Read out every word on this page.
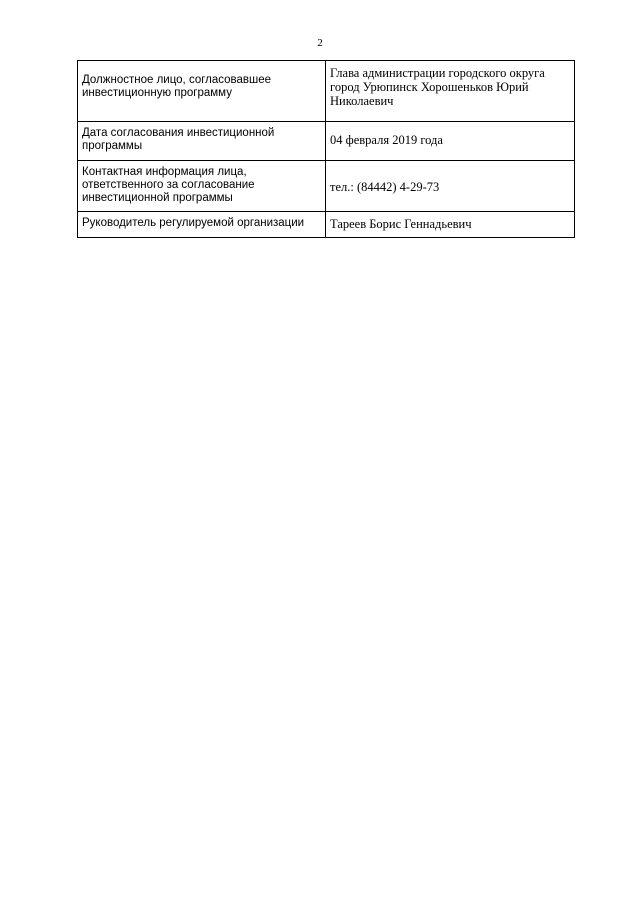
2
Должностное лицо, согласовавшее инвестиционную программу	Глава администрации городского округа город Урюпинск Хорошеньков Юрий Николаевич
Дата согласования инвестиционной программы	04 февраля 2019 года

Контактная информация лица, ответственного за согласование инвестиционной программы	тел.: (84442) 4-29-73

Руководитель регулируемой организации	Тареев Борис Геннадьевич
